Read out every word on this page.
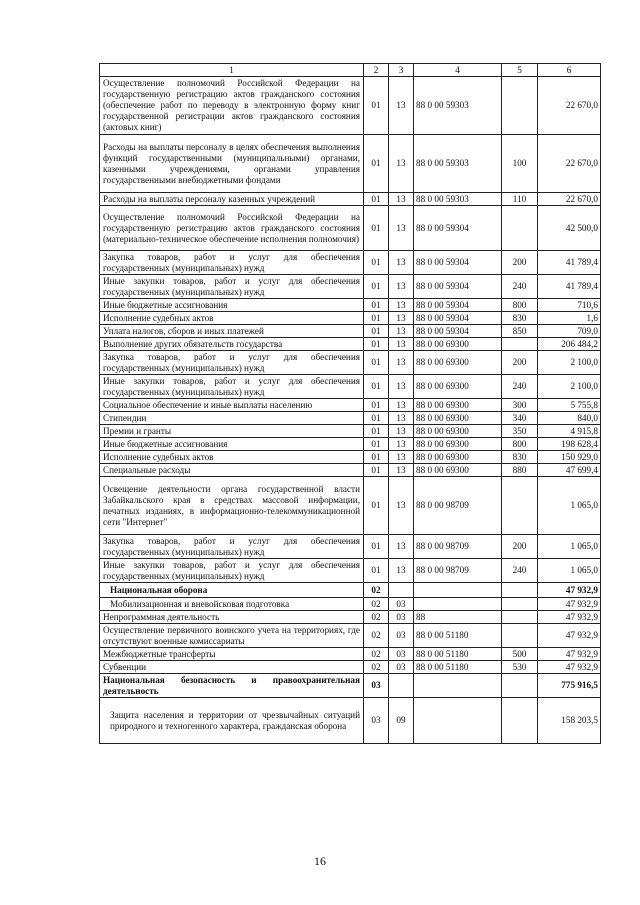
1	2	3	4	5	6
Осуществление полномочий Российской Федерации на государственную регистрацию актов гражданского состояния (обеспечение работ по переводу в электронную форму книг государственной регистрации актов гражданского состояния (актовых книг)	01	13	88 0 00 59303		22 670,0
Расходы на выплаты персоналу в целях обеспечения выполнения функций государственными (муниципальными) органами, казенными учреждениями, органами управления государственными внебюджетными фондами	01	13	88 0 00 59303	100	22 670,0
Расходы на выплаты персоналу казенных учреждений	01	13	88 0 00 59303	110	22 670,0
Осуществление полномочий Российской Федерации на государственную регистрацию актов гражданского состояния (материально-техническое обеспечение исполнения полномочия)	01	13	88 0 00 59304		42 500,0
Закупка товаров, работ и услуг для обеспечения государственных (муниципальных) нужд	01	13	88 0 00 59304	200	41 789,4
Иные закупки товаров, работ и услуг для обеспечения государственных (муниципальных) нужд	01	13	88 0 00 59304	240	41 789,4
Иные бюджетные ассигнования	01	13	88 0 00 59304	800	710,6
Исполнение судебных актов	01	13	88 0 00 59304	830	1,6
Уплата налогов, сборов и иных платежей	01	13	88 0 00 59304	850	709,0
Выполнение других обязательств государства	01	13	88 0 00 69300		206 484,2
Закупка товаров, работ и услуг для обеспечения государственных (муниципальных) нужд	01	13	88 0 00 69300	200	2 100,0
Иные закупки товаров, работ и услуг для обеспечения государственных (муниципальных) нужд	01	13	88 0 00 69300	240	2 100,0
Социальное обеспечение и иные выплаты населению	01	13	88 0 00 69300	300	5 755,8
Стипендии	01	13	88 0 00 69300	340	840,0
Премии и гранты	01	13	88 0 00 69300	350	4 915,8
Иные бюджетные ассигнования	01	13	88 0 00 69300	800	198 628,4
Исполнение судебных актов	01	13	88 0 00 69300	830	150 929,0
Специальные расходы	01	13	88 0 00 69300	880	47 699,4
Освещение деятельности органа государственной власти Забайкальского края в средствах массовой информации, печатных изданиях, в информационно-телекоммуникационной сети "Интернет"	01	13	88 0 00 98709		1 065,0
Закупка товаров, работ и услуг для обеспечения государственных (муниципальных) нужд	01	13	88 0 00 98709	200	1 065,0
Иные закупки товаров, работ и услуг для обеспечения государственных (муниципальных) нужд	01	13	88 0 00 98709	240	1 065,0
Национальная оборона	02				47 932,9
Мобилизационная и вневойсковая подготовка	02	03			47 932,9
Непрограммная деятельность	02	03	88		47 932,9
Осуществление первичного воинского учета на территориях, где отсутствуют военные комиссариаты	02	03	88 0 00 51180		47 932,9
Межбюджетные трансферты	02	03	88 0 00 51180	500	47 932,9
Субвенции	02	03	88 0 00 51180	530	47 932,9
Национальная безопасность и правоохранительная деятельность	03				775 916,5
Защита населения и территории от чрезвычайных ситуаций природного и техногенного характера, гражданская оборона	03	09			158 203,5
16
